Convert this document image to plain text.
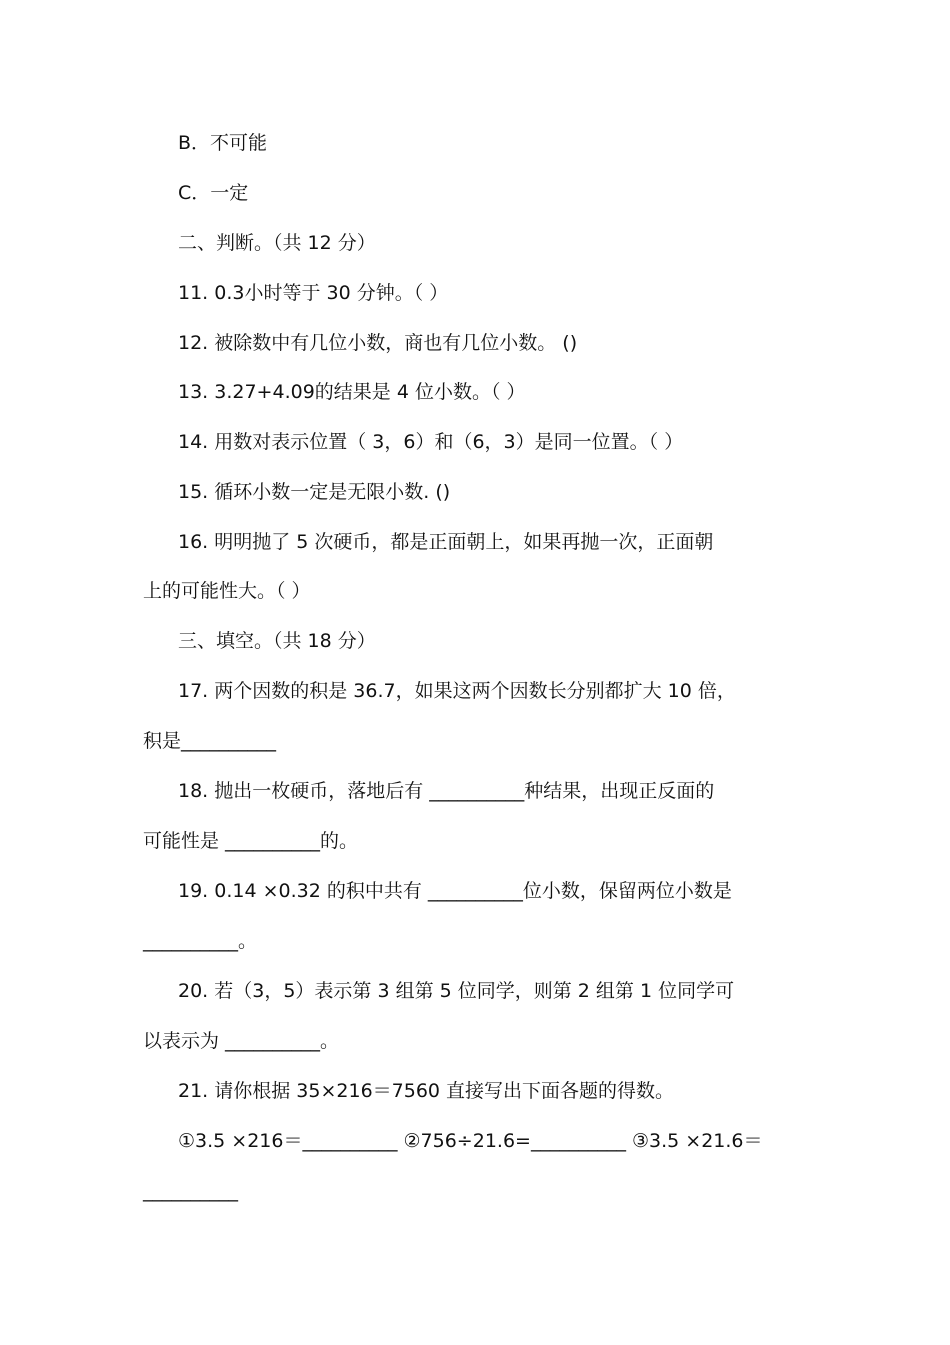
B．不可能
C．一定
二、判断。（共 12 分）
11. 0.3小时等于 30 分钟。（ ）
12. 被除数中有几位小数，商也有几位小数。 ()
13. 3.27+4.09的结果是 4 位小数。（ ）
14. 用数对表示位置（ 3，6）和（6，3）是同一位置。（ ）
15. 循环小数一定是无限小数. ()
16. 明明抛了 5 次硬币，都是正面朝上，如果再抛一次，正面朝
上的可能性大。（ ）
三、填空。（共 18 分）
17. 两个因数的积是 36.7，如果这两个因数长分别都扩大 10 倍，
积是__________
18. 抛出一枚硬币，落地后有 __________种结果，出现正反面的
可能性是 __________的。
19. 0.14 ×0.32 的积中共有 __________位小数，保留两位小数是
__________。
20. 若（3，5）表示第 3 组第 5 位同学，则第 2 组第 1 位同学可
以表示为 __________。
21. 请你根据 35×216＝7560 直接写出下面各题的得数。
①3.5 ×216＝__________ ②756÷21.6=__________ ③3.5 ×21.6＝
__________
